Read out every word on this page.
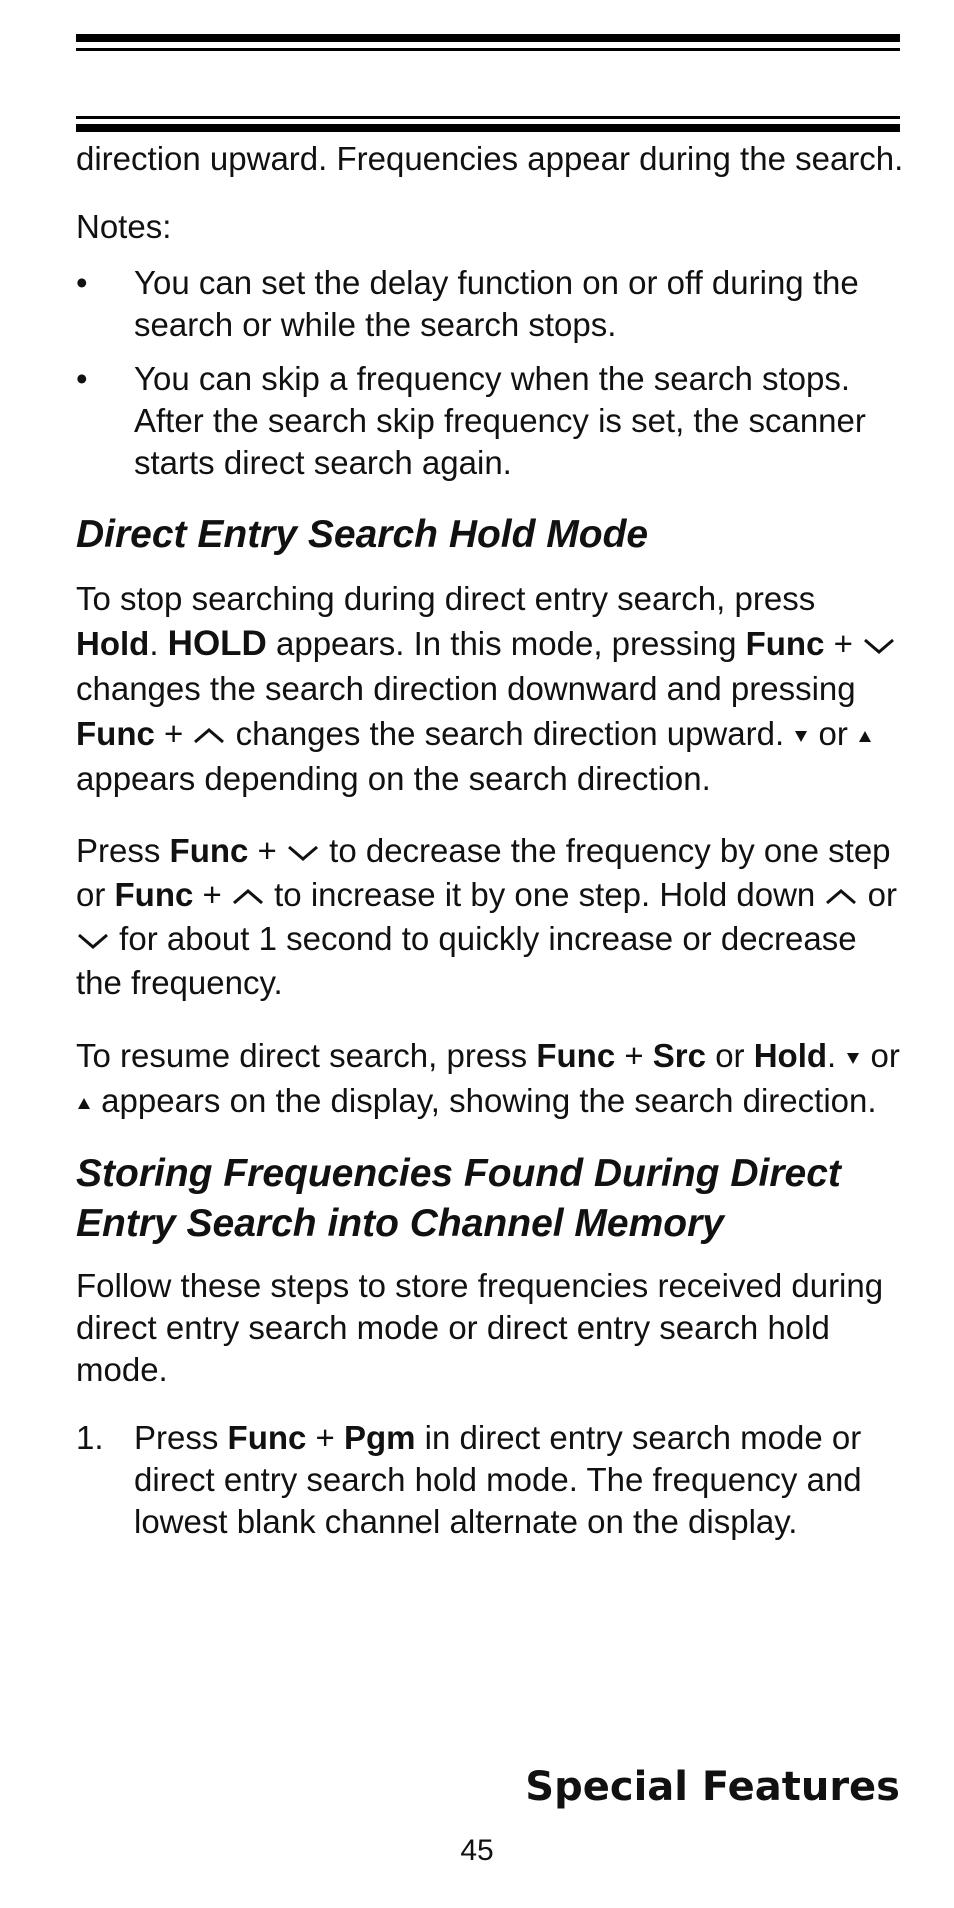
direction upward. Frequencies appear during the search.

Notes:

• You can set the delay function on or off during the search or while the search stops.
• You can skip a frequency when the search stops. After the search skip frequency is set, the scanner starts direct search again.
Direct Entry Search Hold Mode

To stop searching during direct entry search, press Hold. HOLD appears. In this mode, pressing Func +  changes the search direction downward and pressing Func +  changes the search direction upward.  or  appears depending on the search direction.

Press Func +  to decrease the frequency by one step or Func +  to increase it by one step. Hold down  or  for about 1 second to quickly increase or decrease the frequency.

To resume direct search, press Func + Src or Hold. or  appears on the display, showing the search direction.

Storing Frequencies Found During Direct Entry Search into Channel Memory

Follow these steps to store frequencies received during direct entry search mode or direct entry search hold mode.

1. Press Func + Pgm in direct entry search mode or direct entry search hold mode. The frequency and lowest blank channel alternate on the display.
Special Features
45
